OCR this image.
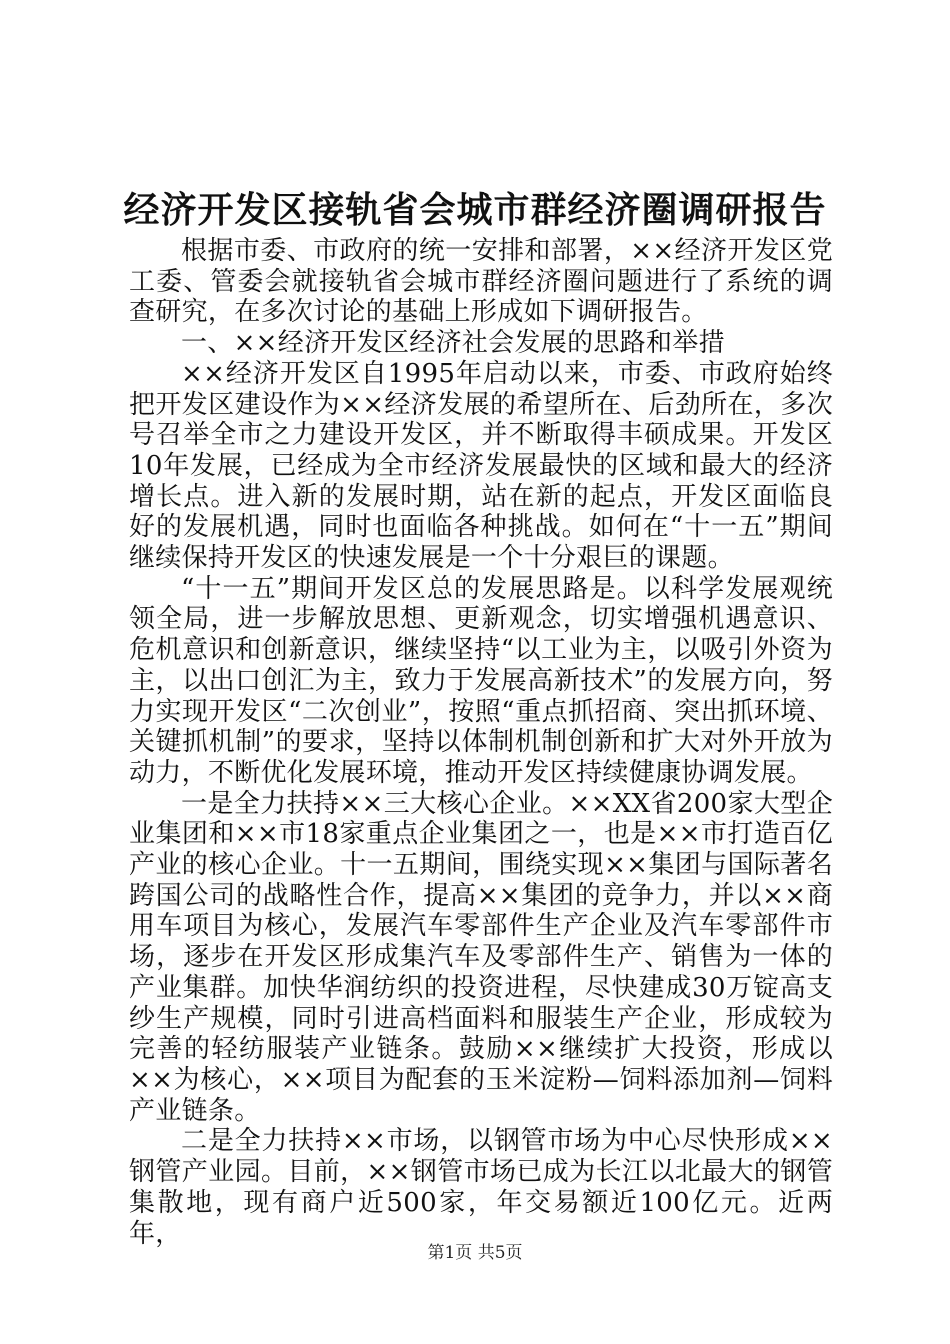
经济开发区接轨省会城市群经济圈调研报告

根据市委、市政府的统一安排和部署，××经济开发区党工委、管委会就接轨省会城市群经济圈问题进行了系统的调查研究，在多次讨论的基础上形成如下调研报告。

一、××经济开发区经济社会发展的思路和举措

××经济开发区自1995年启动以来，市委、市政府始终把开发区建设作为××经济发展的希望所在、后劲所在，多次号召举全市之力建设开发区，并不断取得丰硕成果。开发区10年发展，已经成为全市经济发展最快的区域和最大的经济增长点。进入新的发展时期，站在新的起点，开发区面临良好的发展机遇，同时也面临各种挑战。如何在“十一五”期间继续保持开发区的快速发展是一个十分艰巨的课题。

“十一五”期间开发区总的发展思路是。以科学发展观统领全局，进一步解放思想、更新观念，切实增强机遇意识、危机意识和创新意识，继续坚持“以工业为主，以吸引外资为主，以出口创汇为主，致力于发展高新技术”的发展方向，努力实现开发区“二次创业”，按照“重点抓招商、突出抓环境、关键抓机制”的要求，坚持以体制机制创新和扩大对外开放为动力，不断优化发展环境，推动开发区持续健康协调发展。

一是全力扶持××三大核心企业。××XX省200家大型企业集团和××市18家重点企业集团之一，也是××市打造百亿产业的核心企业。十一五期间，围绕实现××集团与国际著名跨国公司的战略性合作，提高××集团的竞争力，并以××商用车项目为核心，发展汽车零部件生产企业及汽车零部件市场，逐步在开发区形成集汽车及零部件生产、销售为一体的产业集群。加快华润纺织的投资进程，尽快建成30万锭高支纱生产规模，同时引进高档面料和服装生产企业，形成较为完善的轻纺服装产业链条。鼓励××继续扩大投资，形成以××为核心，××项目为配套的玉米淀粉—饲料添加剂—饲料产业链条。

二是全力扶持××市场，以钢管市场为中心尽快形成××钢管产业园。目前，××钢管市场已成为长江以北最大的钢管集散地，现有商户近500家，年交易额近100亿元。近两年，

第1页 共5页
